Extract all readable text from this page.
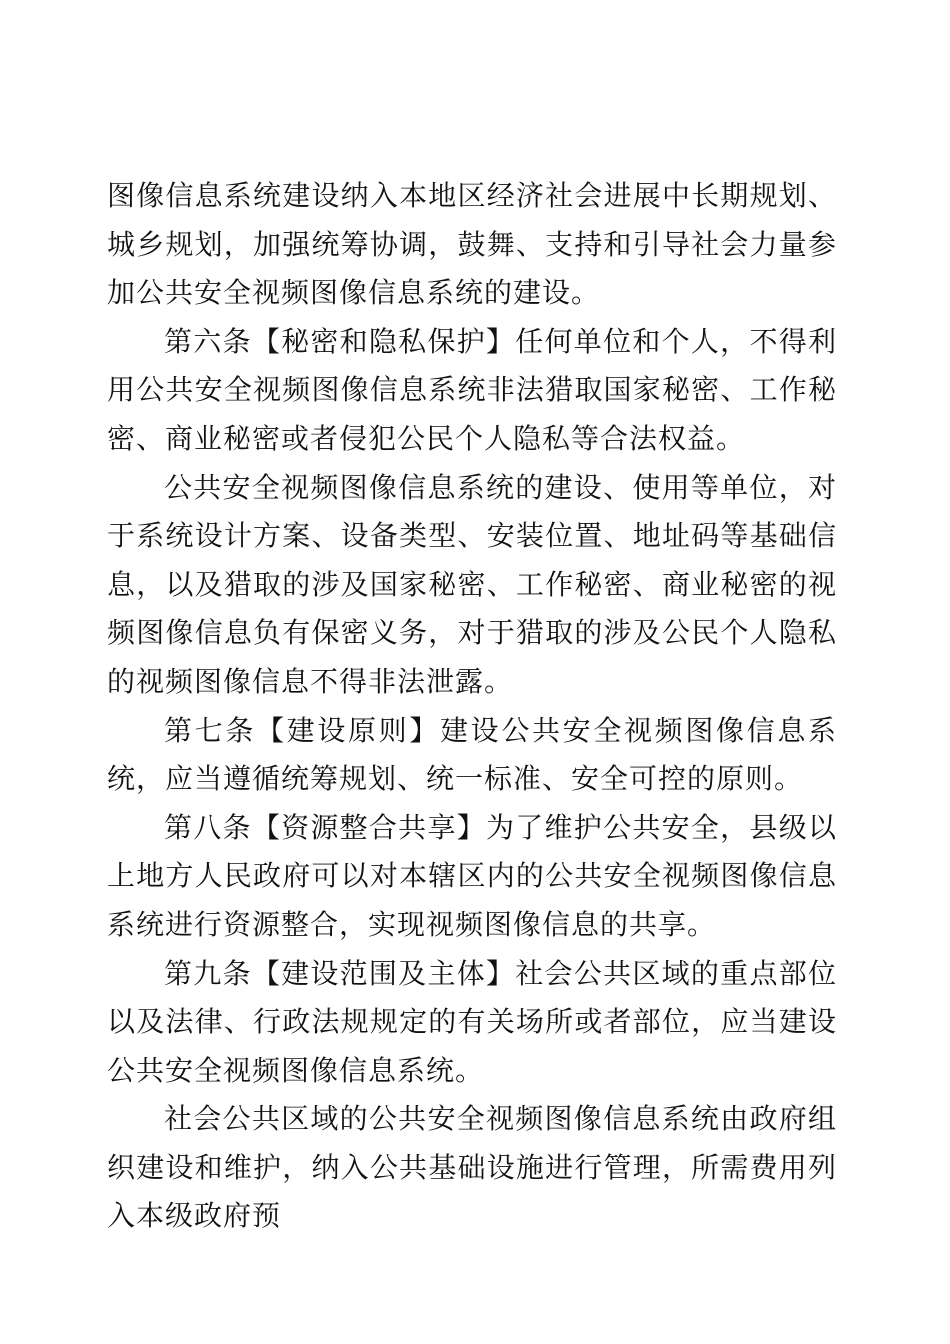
图像信息系统建设纳入本地区经济社会进展中长期规划、城乡规划，加强统筹协调，鼓舞、支持和引导社会力量参加公共安全视频图像信息系统的建设。

第六条【秘密和隐私保护】任何单位和个人，不得利用公共安全视频图像信息系统非法猎取国家秘密、工作秘密、商业秘密或者侵犯公民个人隐私等合法权益。

公共安全视频图像信息系统的建设、使用等单位，对于系统设计方案、设备类型、安装位置、地址码等基础信息，以及猎取的涉及国家秘密、工作秘密、商业秘密的视频图像信息负有保密义务，对于猎取的涉及公民个人隐私的视频图像信息不得非法泄露。

第七条【建设原则】建设公共安全视频图像信息系统，应当遵循统筹规划、统一标准、安全可控的原则。

第八条【资源整合共享】为了维护公共安全，县级以上地方人民政府可以对本辖区内的公共安全视频图像信息系统进行资源整合，实现视频图像信息的共享。

第九条【建设范围及主体】社会公共区域的重点部位以及法律、行政法规规定的有关场所或者部位，应当建设公共安全视频图像信息系统。

社会公共区域的公共安全视频图像信息系统由政府组织建设和维护，纳入公共基础设施进行管理，所需费用列入本级政府预
